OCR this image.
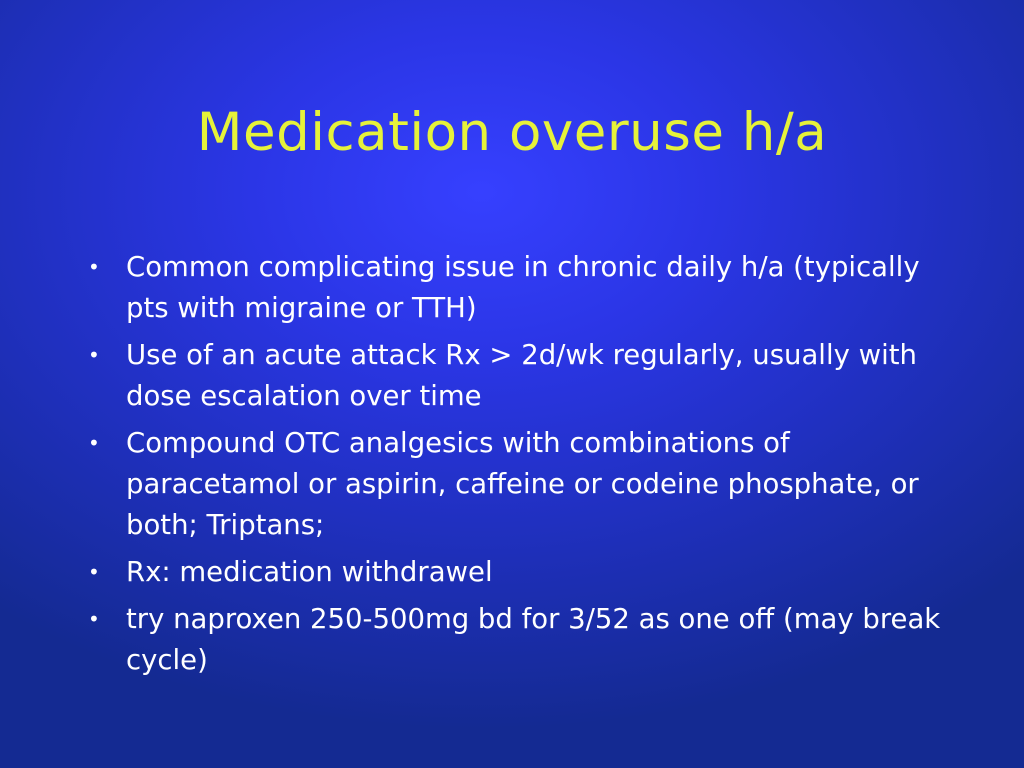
Medication overuse h/a
• Common complicating issue in chronic daily h/a (typically pts with migraine or TTH)
• Use of an acute attack Rx > 2d/wk regularly, usually with dose escalation over time
• Compound OTC analgesics with combinations of paracetamol or aspirin, caffeine or codeine phosphate, or both; Triptans;
• Rx: medication withdrawel
• try naproxen 250-500mg bd for 3/52 as one off (may break cycle)
